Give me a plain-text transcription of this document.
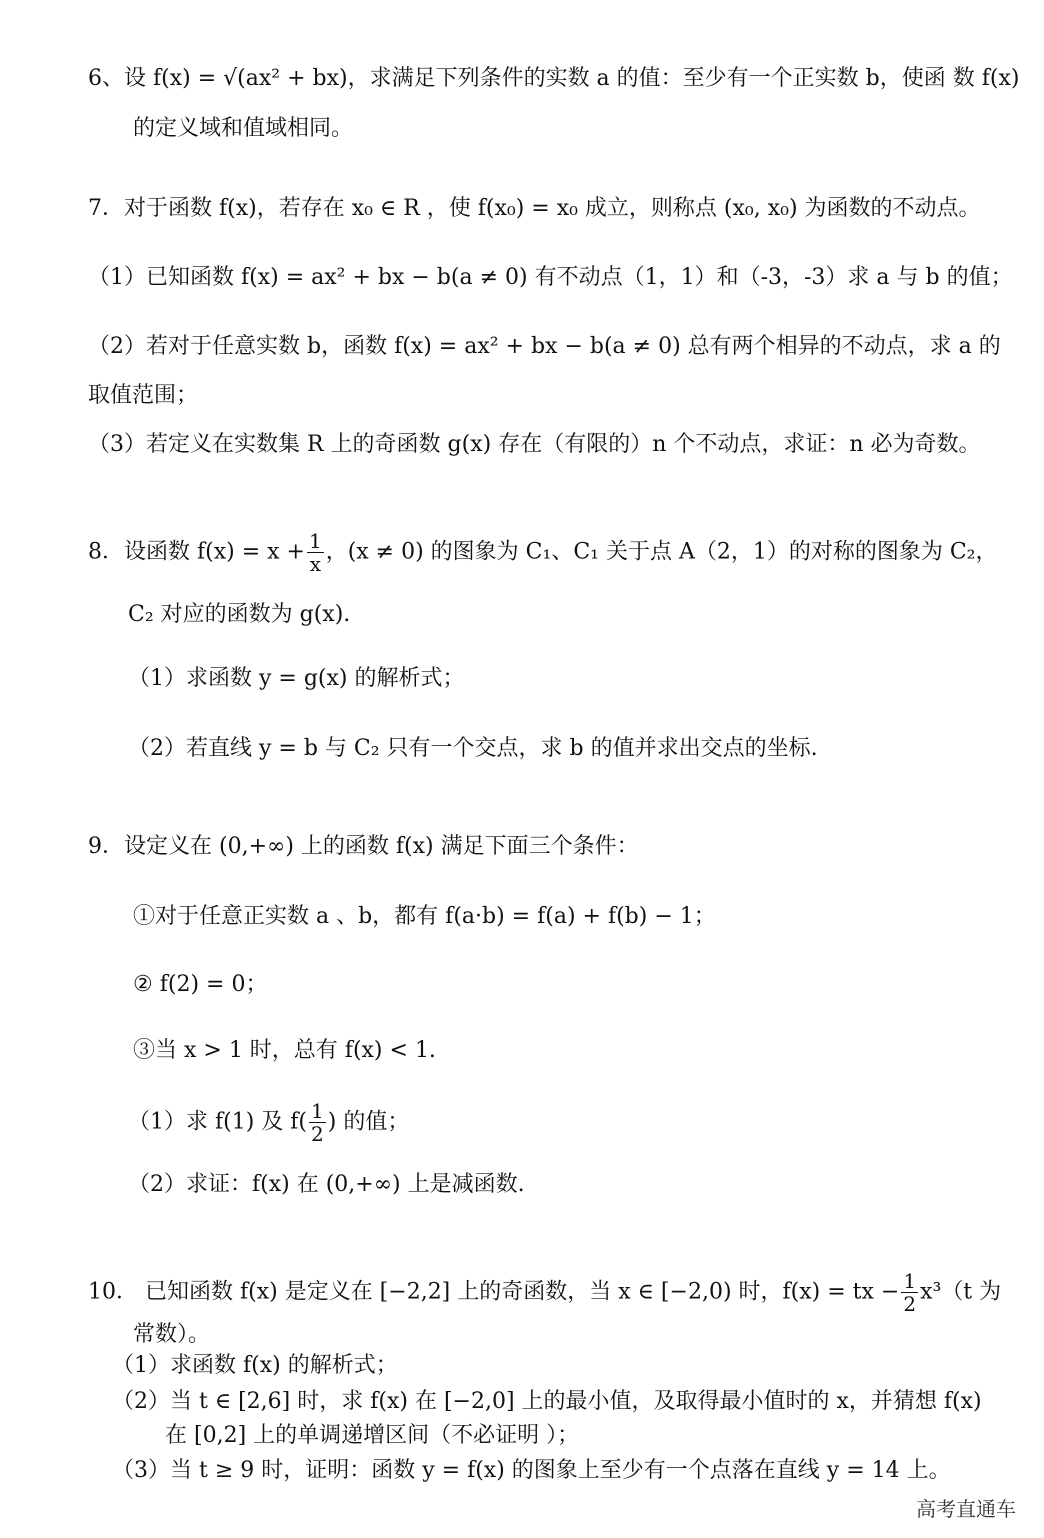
6、设 f(x) = √(ax² + bx)，求满足下列条件的实数 a 的值：至少有一个正实数 b，使函 数 f(x)
的定义域和值域相同。
7．对于函数 f(x)，若存在 x₀ ∈ R ，使 f(x₀) = x₀ 成立，则称点 (x₀, x₀) 为函数的不动点。
（1）已知函数 f(x) = ax² + bx − b(a ≠ 0) 有不动点（1，1）和（-3，-3）求 a 与 b 的值；
（2）若对于任意实数 b，函数 f(x) = ax² + bx − b(a ≠ 0) 总有两个相异的不动点，求 a 的
取值范围；
（3）若定义在实数集 R 上的奇函数 g(x) 存在（有限的）n 个不动点，求证：n 必为奇数。
8．设函数 $f(x) = x + \frac{1}{x}$ ，(x ≠ 0) 的图象为 C₁、C₁ 关于点 A（2，1）的对称的图象为 C₂，
C₂ 对应的函数为 g(x).
（1）求函数 y = g(x) 的解析式；
（2）若直线 y = b 与 C₂ 只有一个交点，求 b 的值并求出交点的坐标.
9．设定义在 (0,+∞) 上的函数 f(x) 满足下面三个条件：
①对于任意正实数 a 、b，都有 f(a·b) = f(a) + f(b) − 1；
② f(2) = 0；
③当 x > 1 时，总有 f(x) < 1.
（1）求 f(1) 及 $f( \frac{1}{2}$ ) 的值；
（2）求证：f(x) 在 (0,+∞) 上是减函数.
10． 已知函数 f(x) 是定义在 [−2,2] 上的奇函数，当 x ∈ [−2,0) 时，f(x) = tx − $\frac{1}{2} x^3(t$ 为
常数）。
（1）求函数 f(x) 的解析式；
（2）当 t ∈ [2,6] 时，求 f(x) 在 [−2,0] 上的最小值，及取得最小值时的 x，并猜想 f(x)
在 [0,2] 上的单调递增区间（不必证明 ）；
（3）当 t ≥ 9 时，证明：函数 y = f(x) 的图象上至少有一个点落在直线 y = 14 上。
高考直通车
